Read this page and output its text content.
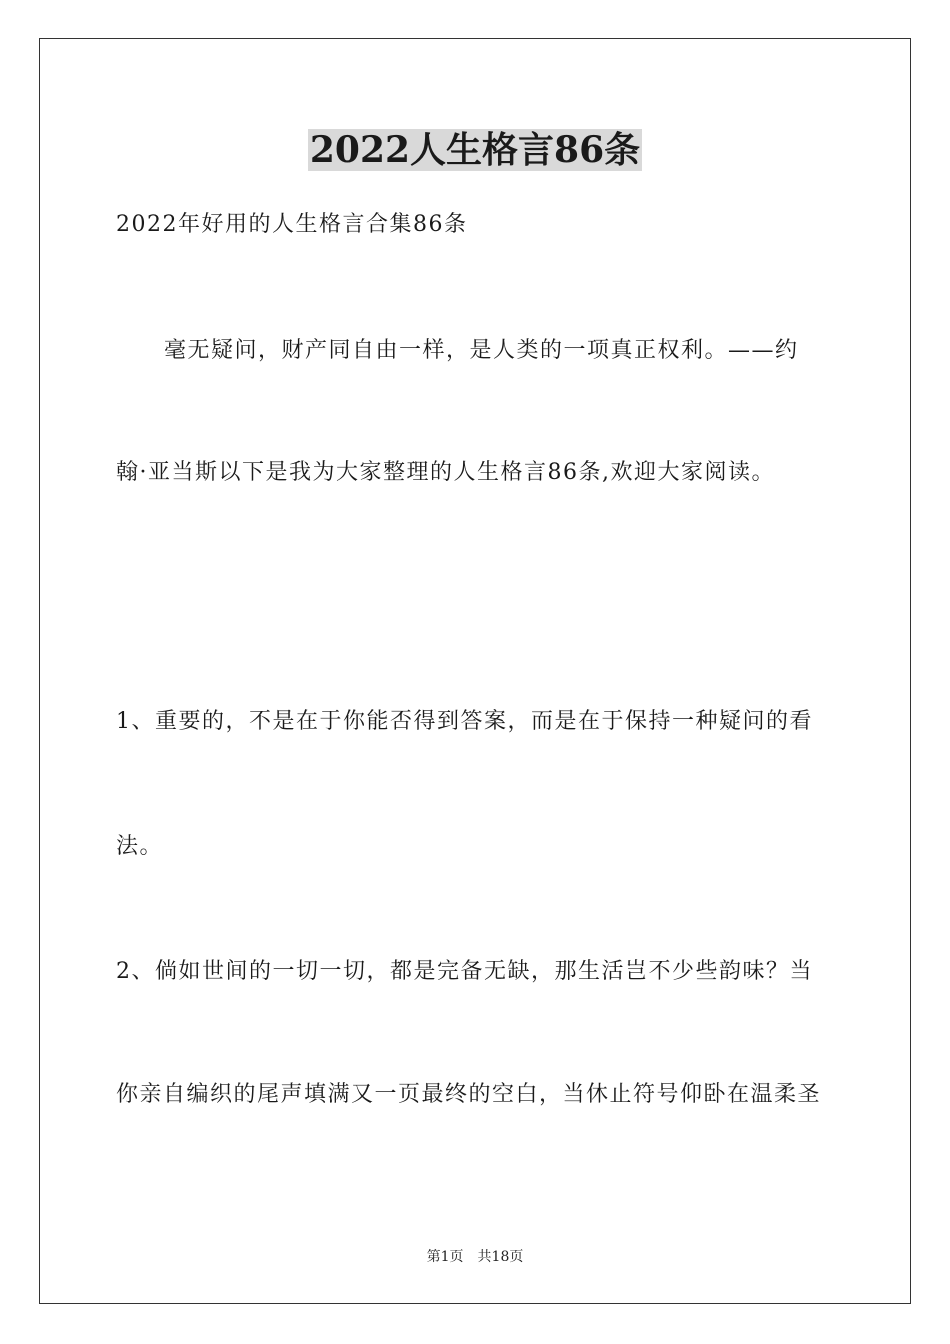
2022人生格言86条
2022年好用的人生格言合集86条
毫无疑问，财产同自由一样，是人类的一项真正权利。——约
翰·亚当斯以下是我为大家整理的人生格言86条,欢迎大家阅读。
1、重要的，不是在于你能否得到答案，而是在于保持一种疑问的看
法。
2、倘如世间的一切一切，都是完备无缺，那生活岂不少些韵味？当
你亲自编织的尾声填满又一页最终的空白，当休止符号仰卧在温柔圣
第1页　共18页
